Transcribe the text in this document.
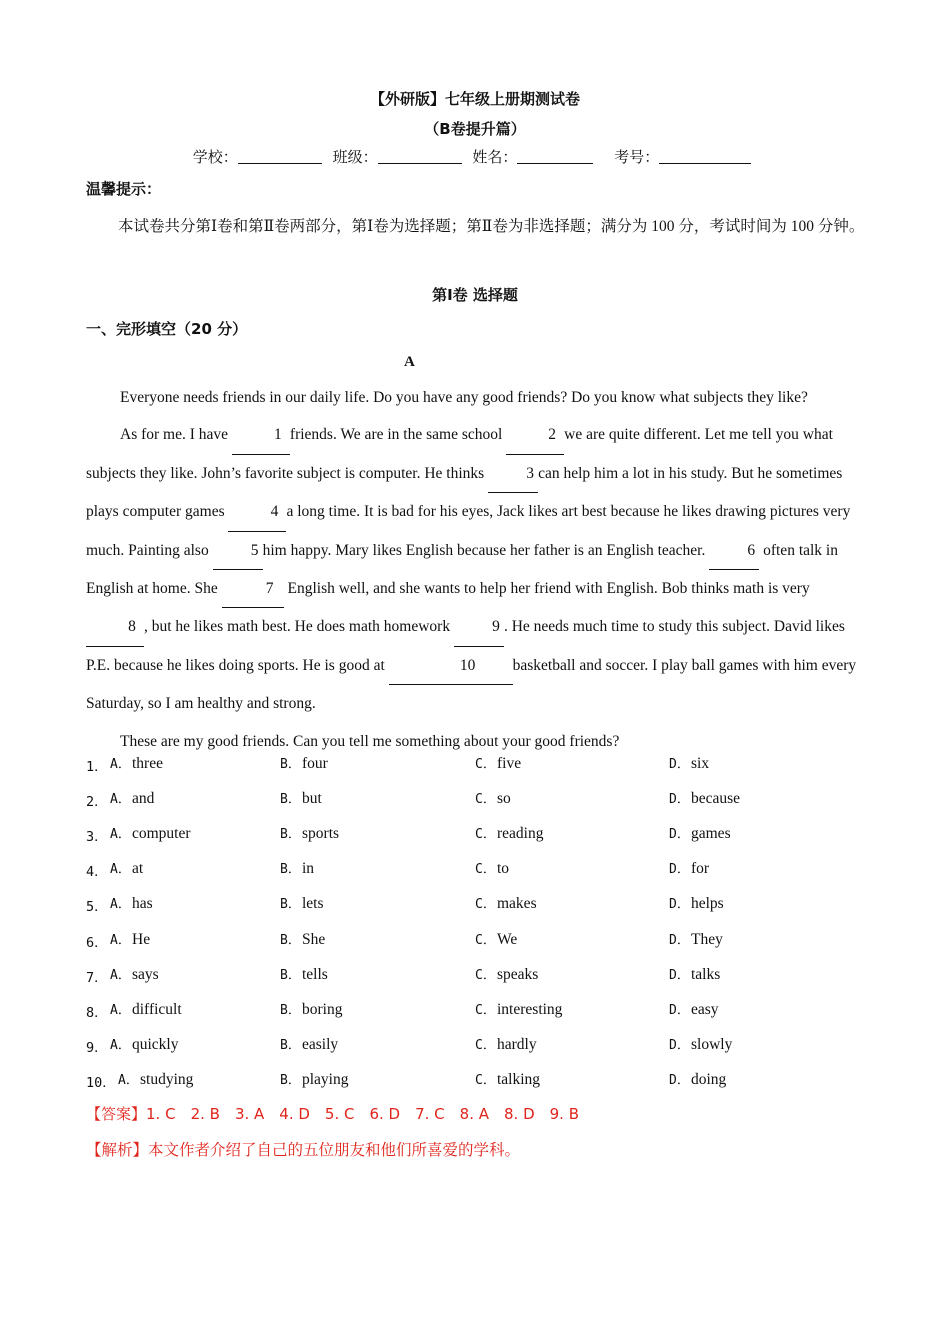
【外研版】七年级上册期测试卷
（B卷提升篇）
学校：	班级：	姓名：	考号：
温馨提示：
本试卷共分第Ⅰ卷和第Ⅱ卷两部分，第Ⅰ卷为选择题；第Ⅱ卷为非选择题；满分为 100 分，考试时间为 100 分钟。
第Ⅰ卷 选择题
一、完形填空（20 分）
A

Everyone needs friends in our daily life. Do you have any good friends? Do you know what subjects they like?

As for me. I have	1 friends. We are in the same school	2 we are quite different. Let me tell you what subjects they like. John’s favorite subject is computer. He thinks 3 can help him a lot in his study. But he sometimes plays computer games	4 a long time. It is bad for his eyes, Jack likes art best because he likes drawing pictures very much. Painting also 5 him happy. Mary likes English because her father is an English teacher. 6 often talk in English at home. She	7 English well, and she wants to help her friend with English. Bob thinks math is very 8 , but he likes math best. He does math homework 9 . He needs much time to study this subject. David likes P.E. because he likes doing sports. He is good at	10 basketball and soccer. I play ball games with him every Saturday, so I am healthy and strong.

These are my good friends. Can you tell me something about your good friends?

1． A．three	B．four	C．five	D．six
2． A．and	B．but	C．so	D．because
3． A．computer	B．sports	C．reading	D．games
4． A．at	B．in	C．to	D．for
5． A．has	B．lets	C．makes	D．helps
6． A．He	B．She	C．We	D．They
7． A．says	B．tells	C．speaks	D．talks
8． A．difficult	B．boring	C．interesting	D．easy
9． A．quickly	B．easily	C．hardly	D．slowly
10． A．studying	B．playing	C．talking	D．doing
【答案】1. C　2. B　3. A　4. D　5. C　6. D　7. C　8. A　8. D　9. B
【解析】本文作者介绍了自己的五位朋友和他们所喜爱的学科。
